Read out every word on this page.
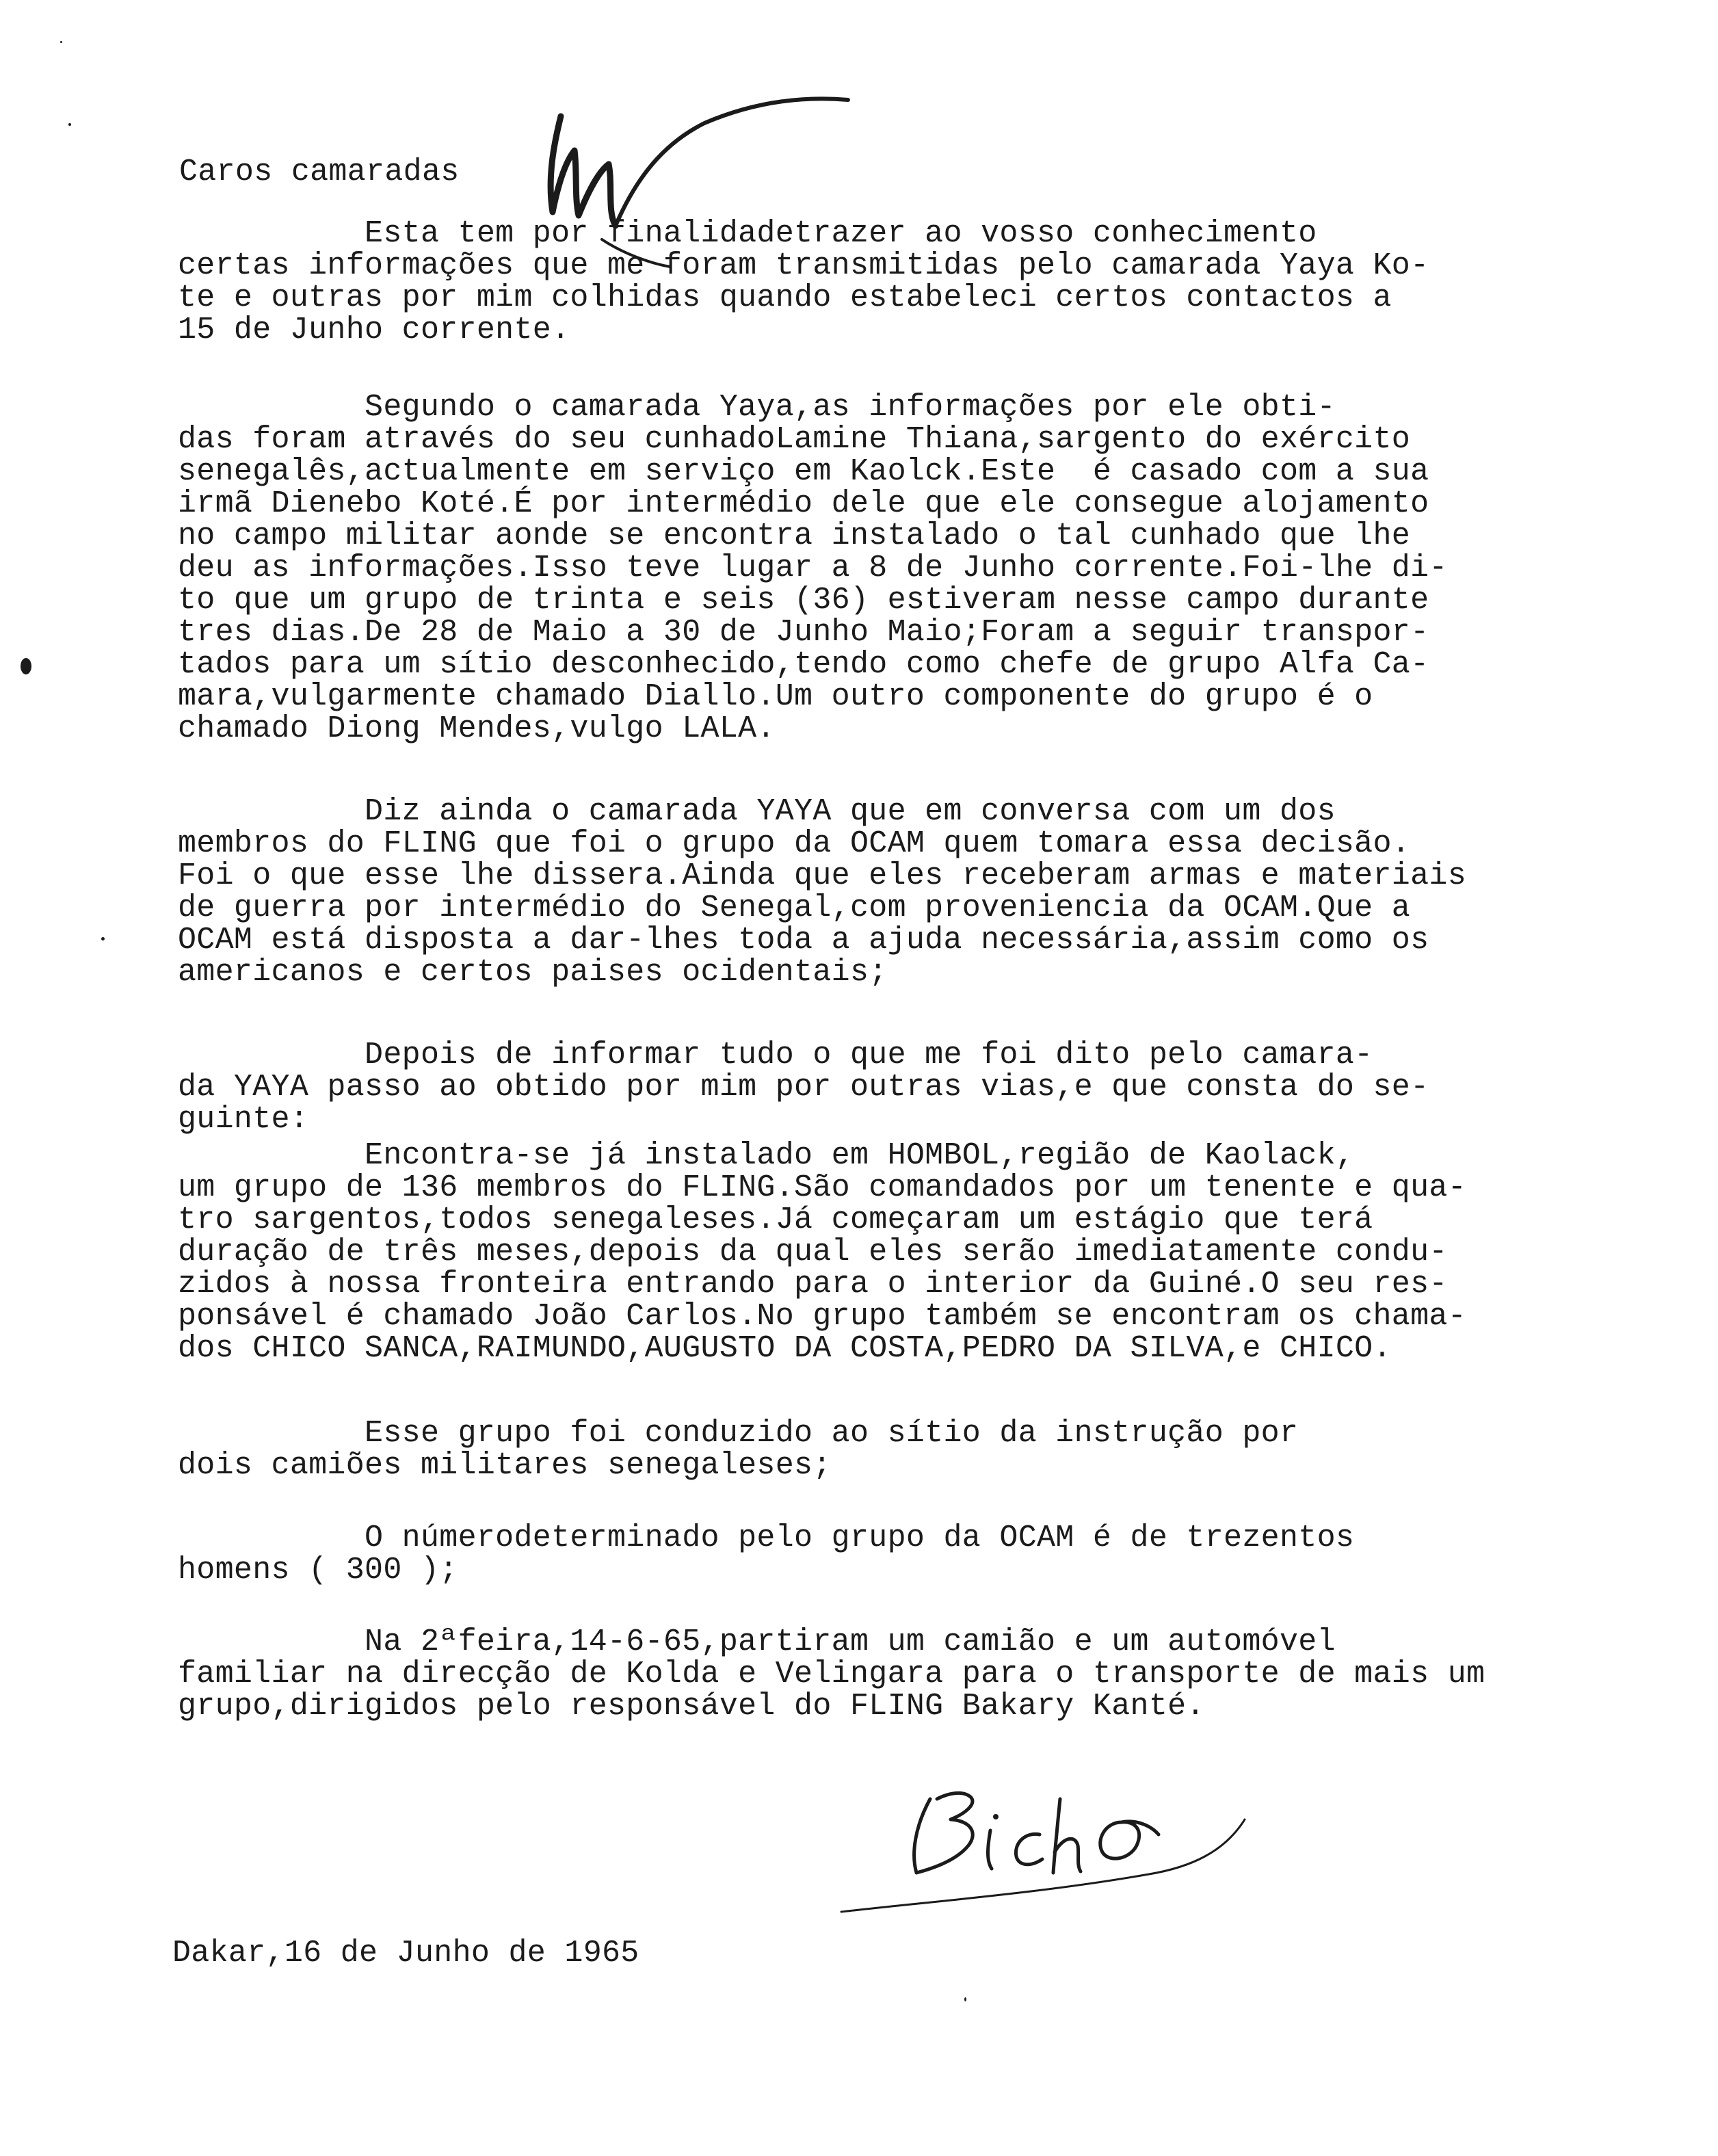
Caros camaradas
Esta tem por finalidadetrazer ao vosso conhecimento
certas informações que me foram transmitidas pelo camarada Yaya Ko-
te e outras por mim colhidas quando estabeleci certos contactos a
15 de Junho corrente.
Segundo o camarada Yaya,as informações por ele obti-
das foram através do seu cunhadoLamine Thiana,sargento do exército
senegalês,actualmente em serviço em Kaolck.Este  é casado com a sua
irmã Dienebo Koté.É por intermédio dele que ele consegue alojamento
no campo militar aonde se encontra instalado o tal cunhado que lhe
deu as informações.Isso teve lugar a 8 de Junho corrente.Foi-lhe di-
to que um grupo de trinta e seis (36) estiveram nesse campo durante
tres dias.De 28 de Maio a 30 de Junho Maio;Foram a seguir transpor-
tados para um sítio desconhecido,tendo como chefe de grupo Alfa Ca-
mara,vulgarmente chamado Diallo.Um outro componente do grupo é o
chamado Diong Mendes,vulgo LALA.
Diz ainda o camarada YAYA que em conversa com um dos
membros do FLING que foi o grupo da OCAM quem tomara essa decisão.
Foi o que esse lhe dissera.Ainda que eles receberam armas e materiais
de guerra por intermédio do Senegal,com proveniencia da OCAM.Que a
OCAM está disposta a dar-lhes toda a ajuda necessária,assim como os
americanos e certos paises ocidentais;
Depois de informar tudo o que me foi dito pelo camara-
da YAYA passo ao obtido por mim por outras vias,e que consta do se-
guinte:
Encontra-se já instalado em HOMBOL,região de Kaolack,
um grupo de 136 membros do FLING.São comandados por um tenente e qua-
tro sargentos,todos senegaleses.Já começaram um estágio que terá
duração de três meses,depois da qual eles serão imediatamente condu-
zidos à nossa fronteira entrando para o interior da Guiné.O seu res-
ponsável é chamado João Carlos.No grupo também se encontram os chama-
dos CHICO SANCA,RAIMUNDO,AUGUSTO DA COSTA,PEDRO DA SILVA,e CHICO.
Esse grupo foi conduzido ao sítio da instrução por
dois camiões militares senegaleses;
O númerodeterminado pelo grupo da OCAM é de trezentos
homens ( 300 );
Na 2ªfeira,14-6-65,partiram um camião e um automóvel
familiar na direcção de Kolda e Velingara para o transporte de mais um
grupo,dirigidos pelo responsável do FLING Bakary Kanté.
Dakar,16 de Junho de 1965
